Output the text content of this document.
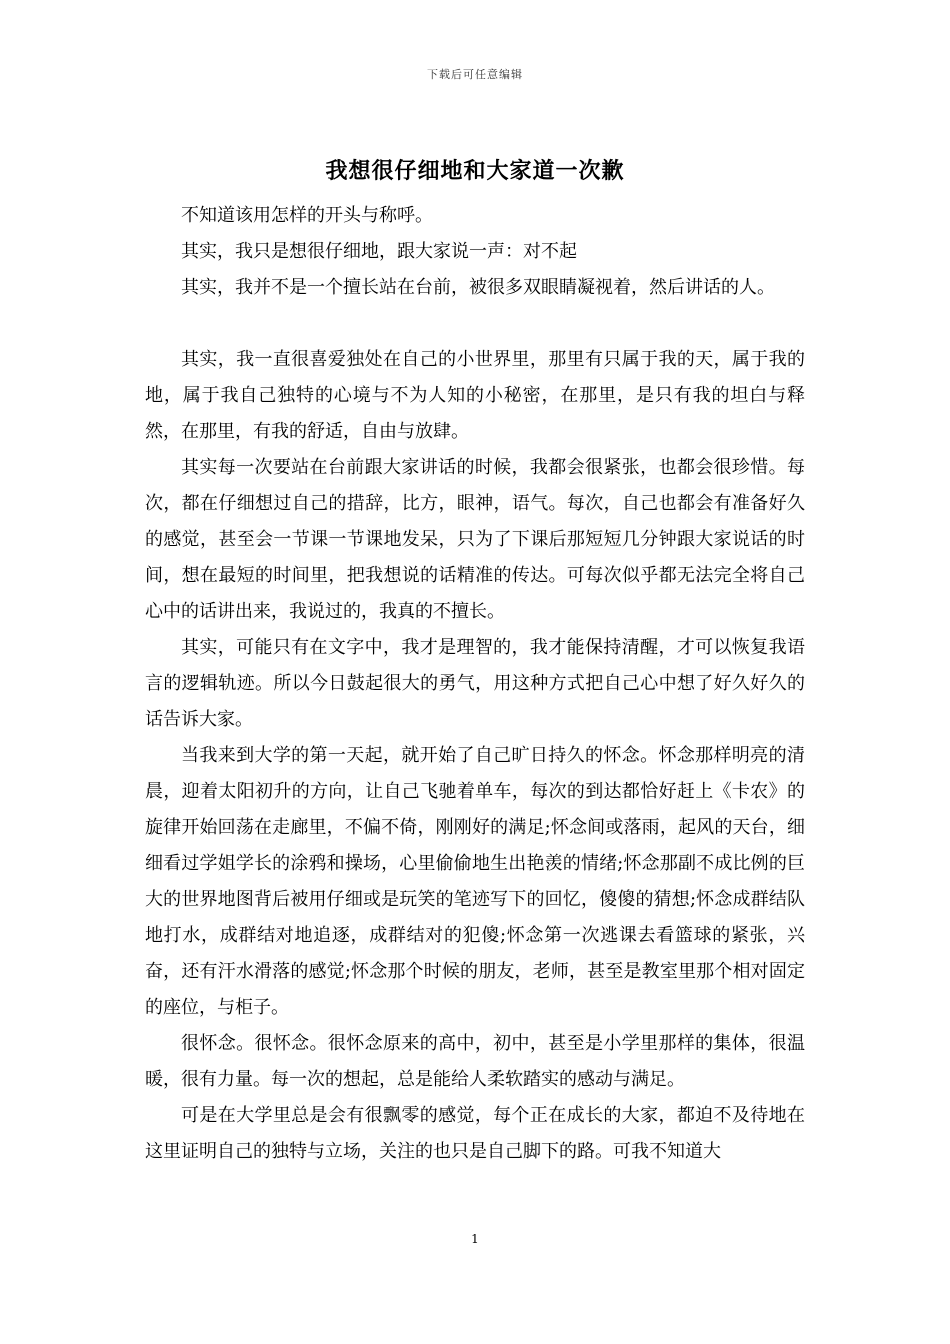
下载后可任意编辑
我想很仔细地和大家道一次歉

不知道该用怎样的开头与称呼。

其实，我只是想很仔细地，跟大家说一声：对不起

其实，我并不是一个擅长站在台前，被很多双眼睛凝视着，然后讲话的人。

其实，我一直很喜爱独处在自己的小世界里，那里有只属于我的天，属于我的地，属于我自己独特的心境与不为人知的小秘密，在那里，是只有我的坦白与释然，在那里，有我的舒适，自由与放肆。

其实每一次要站在台前跟大家讲话的时候，我都会很紧张，也都会很珍惜。每次，都在仔细想过自己的措辞，比方，眼神，语气。每次，自己也都会有准备好久的感觉，甚至会一节课一节课地发呆，只为了下课后那短短几分钟跟大家说话的时间，想在最短的时间里，把我想说的话精准的传达。可每次似乎都无法完全将自己心中的话讲出来，我说过的，我真的不擅长。

其实，可能只有在文字中，我才是理智的，我才能保持清醒，才可以恢复我语言的逻辑轨迹。所以今日鼓起很大的勇气，用这种方式把自己心中想了好久好久的话告诉大家。

当我来到大学的第一天起，就开始了自己旷日持久的怀念。怀念那样明亮的清晨，迎着太阳初升的方向，让自己飞驰着单车，每次的到达都恰好赶上《卡农》的旋律开始回荡在走廊里，不偏不倚，刚刚好的满足;怀念间或落雨，起风的天台，细细看过学姐学长的涂鸦和操场，心里偷偷地生出艳羡的情绪;怀念那副不成比例的巨大的世界地图背后被用仔细或是玩笑的笔迹写下的回忆，傻傻的猜想;怀念成群结队地打水，成群结对地追逐，成群结对的犯傻;怀念第一次逃课去看篮球的紧张，兴奋，还有汗水滑落的感觉;怀念那个时候的朋友，老师，甚至是教室里那个相对固定的座位，与柜子。

很怀念。很怀念。很怀念原来的高中，初中，甚至是小学里那样的集体，很温暖，很有力量。每一次的想起，总是能给人柔软踏实的感动与满足。

可是在大学里总是会有很飘零的感觉，每个正在成长的大家，都迫不及待地在这里证明自己的独特与立场，关注的也只是自己脚下的路。可我不知道大

1
